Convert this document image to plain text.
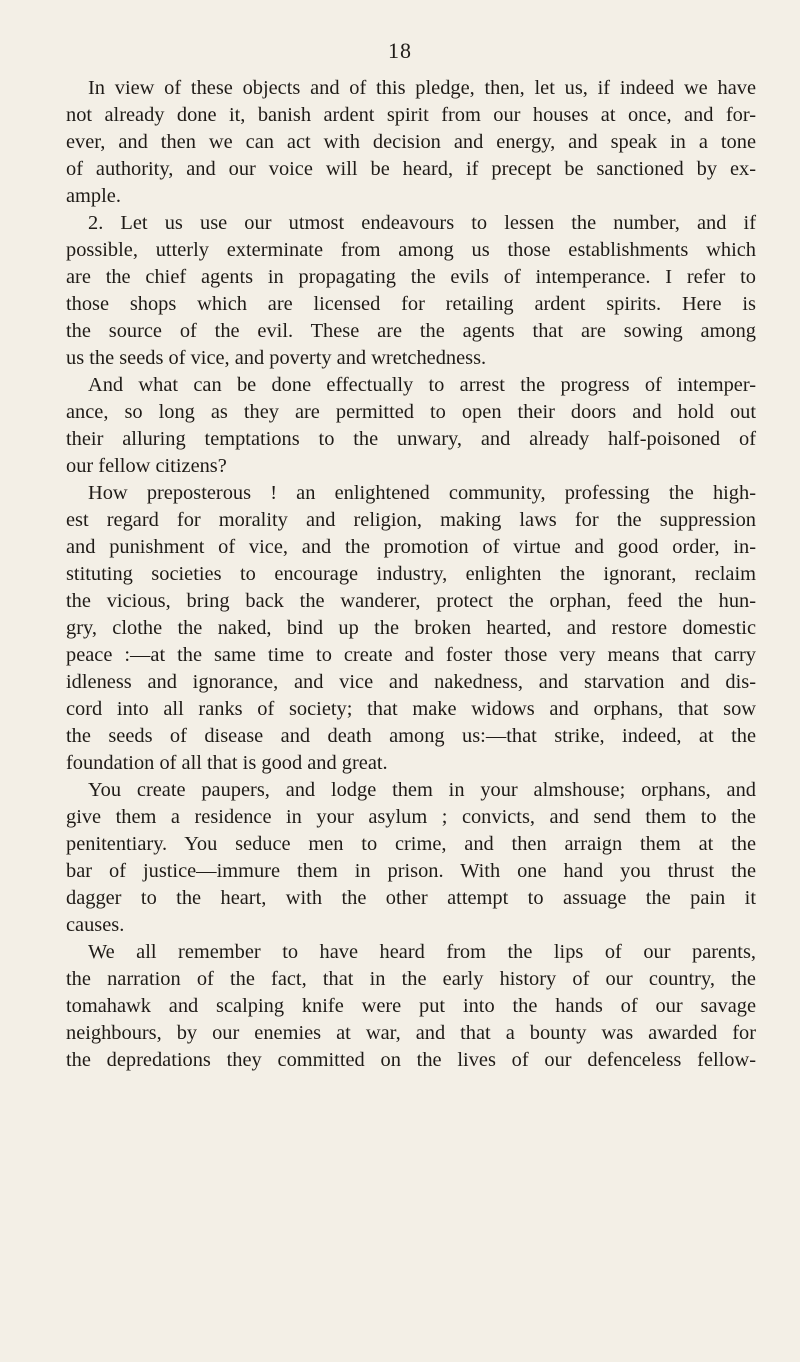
18

In view of these objects and of this pledge, then, let us, if indeed we have
not already done it, banish ardent spirit from our houses at once, and for-
ever, and then we can act with decision and energy, and speak in a tone
of authority, and our voice will be heard, if precept be sanctioned by ex-
ample.
2. Let us use our utmost endeavours to lessen the number, and if
possible, utterly exterminate from among us those establishments which
are the chief agents in propagating the evils of intemperance. I refer to
those shops which are licensed for retailing ardent spirits. Here is
the source of the evil. These are the agents that are sowing among
us the seeds of vice, and poverty and wretchedness.
And what can be done effectually to arrest the progress of intemper-
ance, so long as they are permitted to open their doors and hold out
their alluring temptations to the unwary, and already half-poisoned of
our fellow citizens?
How preposterous ! an enlightened community, professing the high-
est regard for morality and religion, making laws for the suppression
and punishment of vice, and the promotion of virtue and good order, in-
stituting societies to encourage industry, enlighten the ignorant, reclaim
the vicious, bring back the wanderer, protect the orphan, feed the hun-
gry, clothe the naked, bind up the broken hearted, and restore domestic
peace :—at the same time to create and foster those very means that carry
idleness and ignorance, and vice and nakedness, and starvation and dis-
cord into all ranks of society; that make widows and orphans, that sow
the seeds of disease and death among us:—that strike, indeed, at the
foundation of all that is good and great.
You create paupers, and lodge them in your almshouse; orphans, and
give them a residence in your asylum ; convicts, and send them to the
penitentiary. You seduce men to crime, and then arraign them at the
bar of justice—immure them in prison. With one hand you thrust the
dagger to the heart, with the other attempt to assuage the pain it
causes.
We all remember to have heard from the lips of our parents,
the narration of the fact, that in the early history of our country, the
tomahawk and scalping knife were put into the hands of our savage
neighbours, by our enemies at war, and that a bounty was awarded for
the depredations they committed on the lives of our defenceless fellow-
